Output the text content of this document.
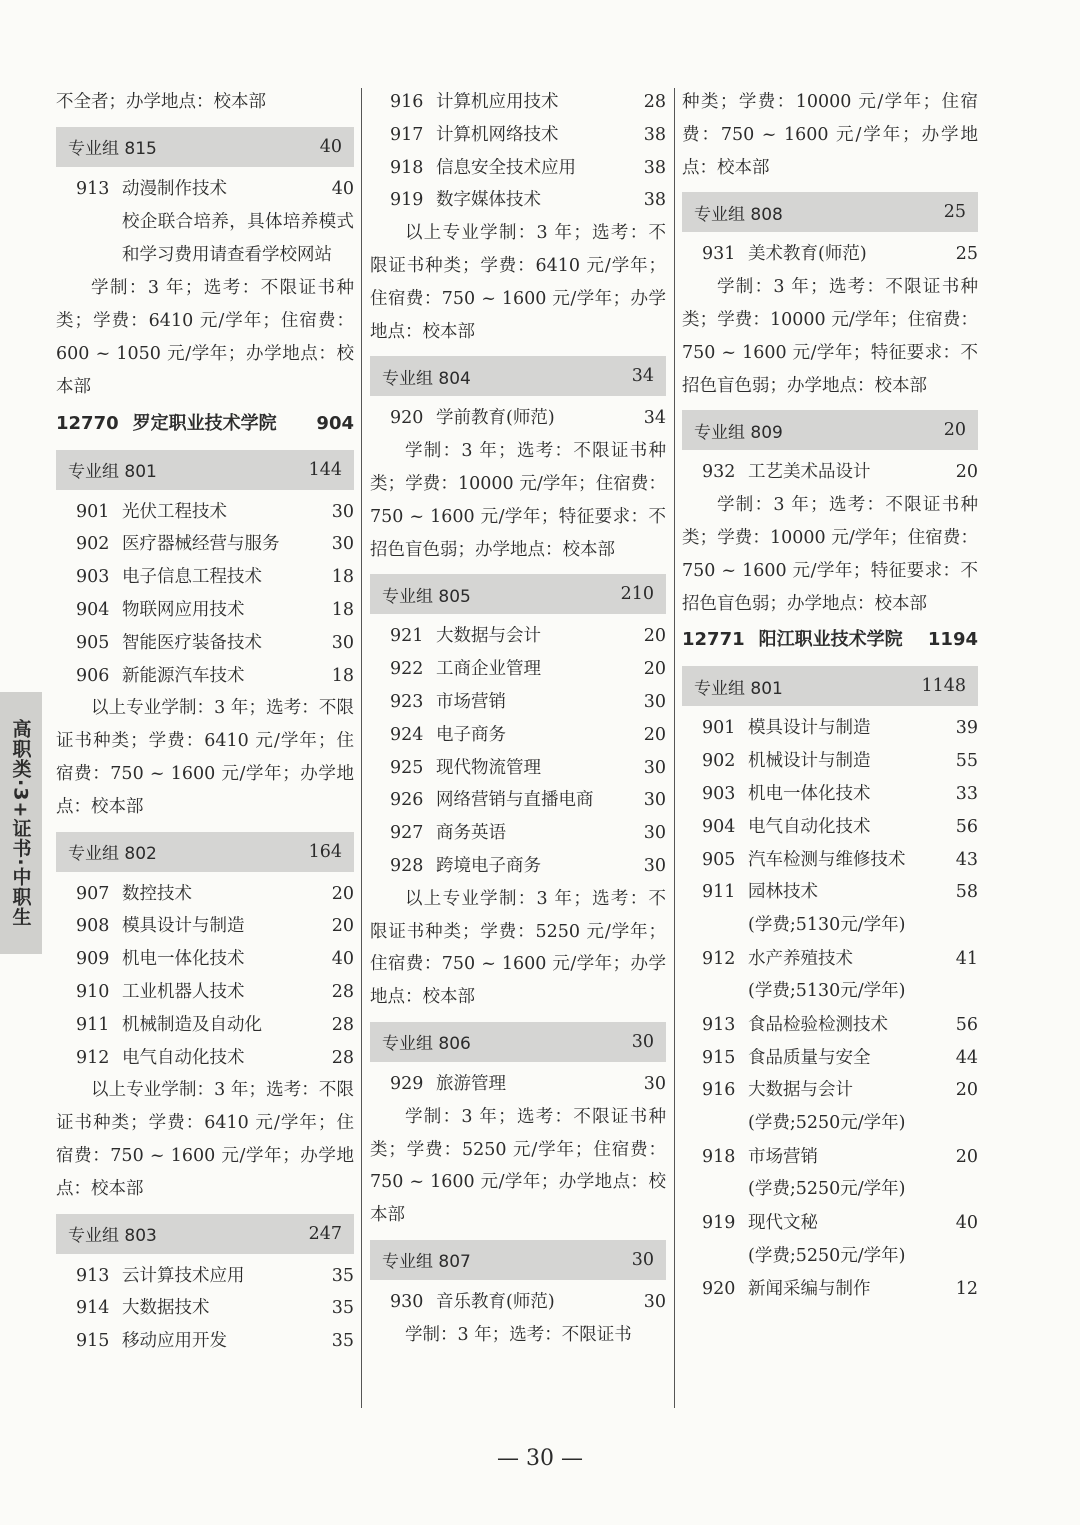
高职类·3+证书·中职生

不全者；办学地点：校本部

专业组 815	40
913 动漫制作技术	40
校企联合培养，具体培养模式和学习费用请查看学校网站

学制：3 年；选考：不限证书种类；学费：6410 元/学年；住宿费：600 ~ 1050 元/学年；办学地点：校本部

12770 罗定职业技术学院	904
专业组 801	144
901 光伏工程技术	30
902 医疗器械经营与服务	30
903 电子信息工程技术	18
904 物联网应用技术	18
905 智能医疗装备技术	30
906 新能源汽车技术	18

以上专业学制：3 年；选考：不限证书种类；学费：6410 元/学年；住宿费：750 ~ 1600 元/学年；办学地点：校本部

专业组 802	164
907 数控技术	20
908 模具设计与制造	20
909 机电一体化技术	40
910 工业机器人技术	28
911 机械制造及自动化	28
912 电气自动化技术	28

以上专业学制：3 年；选考：不限证书种类；学费：6410 元/学年；住宿费：750 ~ 1600 元/学年；办学地点：校本部

专业组 803	247
913 云计算技术应用	35
914 大数据技术	35
915 移动应用开发	35
916 计算机应用技术	28
917 计算机网络技术	38
918 信息安全技术应用	38
919 数字媒体技术	38

以上专业学制：3 年；选考：不限证书种类；学费：6410 元/学年；住宿费：750 ~ 1600 元/学年；办学地点：校本部

专业组 804	34
920 学前教育(师范)	34

学制：3 年；选考：不限证书种类；学费：10000 元/学年；住宿费：750 ~ 1600 元/学年；特征要求：不招色盲色弱；办学地点：校本部

专业组 805	210
921 大数据与会计	20
922 工商企业管理	20
923 市场营销	30
924 电子商务	20
925 现代物流管理	30
926 网络营销与直播电商	30
927 商务英语	30
928 跨境电子商务	30

以上专业学制：3 年；选考：不限证书种类；学费：5250 元/学年；住宿费：750 ~ 1600 元/学年；办学地点：校本部

专业组 806	30
929 旅游管理	30

学制：3 年；选考：不限证书种类；学费：5250 元/学年；住宿费：750 ~ 1600 元/学年；办学地点：校本部

专业组 807	30
930 音乐教育(师范)	30

学制：3 年；选考：不限证书

种类；学费：10000 元/学年；住宿费：750 ~ 1600 元/学年；办学地点：校本部

专业组 808	25
931 美术教育(师范)	25

学制：3 年；选考：不限证书种类；学费：10000 元/学年；住宿费：750 ~ 1600 元/学年；特征要求：不招色盲色弱；办学地点：校本部

专业组 809	20
932 工艺美术品设计	20

学制：3 年；选考：不限证书种类；学费：10000 元/学年；住宿费：750 ~ 1600 元/学年；特征要求：不招色盲色弱；办学地点：校本部

12771 阳江职业技术学院	1194
专业组 801	1148
901 模具设计与制造	39
902 机械设计与制造	55
903 机电一体化技术	33
904 电气自动化技术	56
905 汽车检测与维修技术	43
911 园林技术	58
(学费;5130元/学年)
912 水产养殖技术	41
(学费;5130元/学年)
913 食品检验检测技术	56
915 食品质量与安全	44
916 大数据与会计	20
(学费;5250元/学年)
918 市场营销	20
(学费;5250元/学年)
919 现代文秘	40
(学费;5250元/学年)
920 新闻采编与制作	12
— 30 —
